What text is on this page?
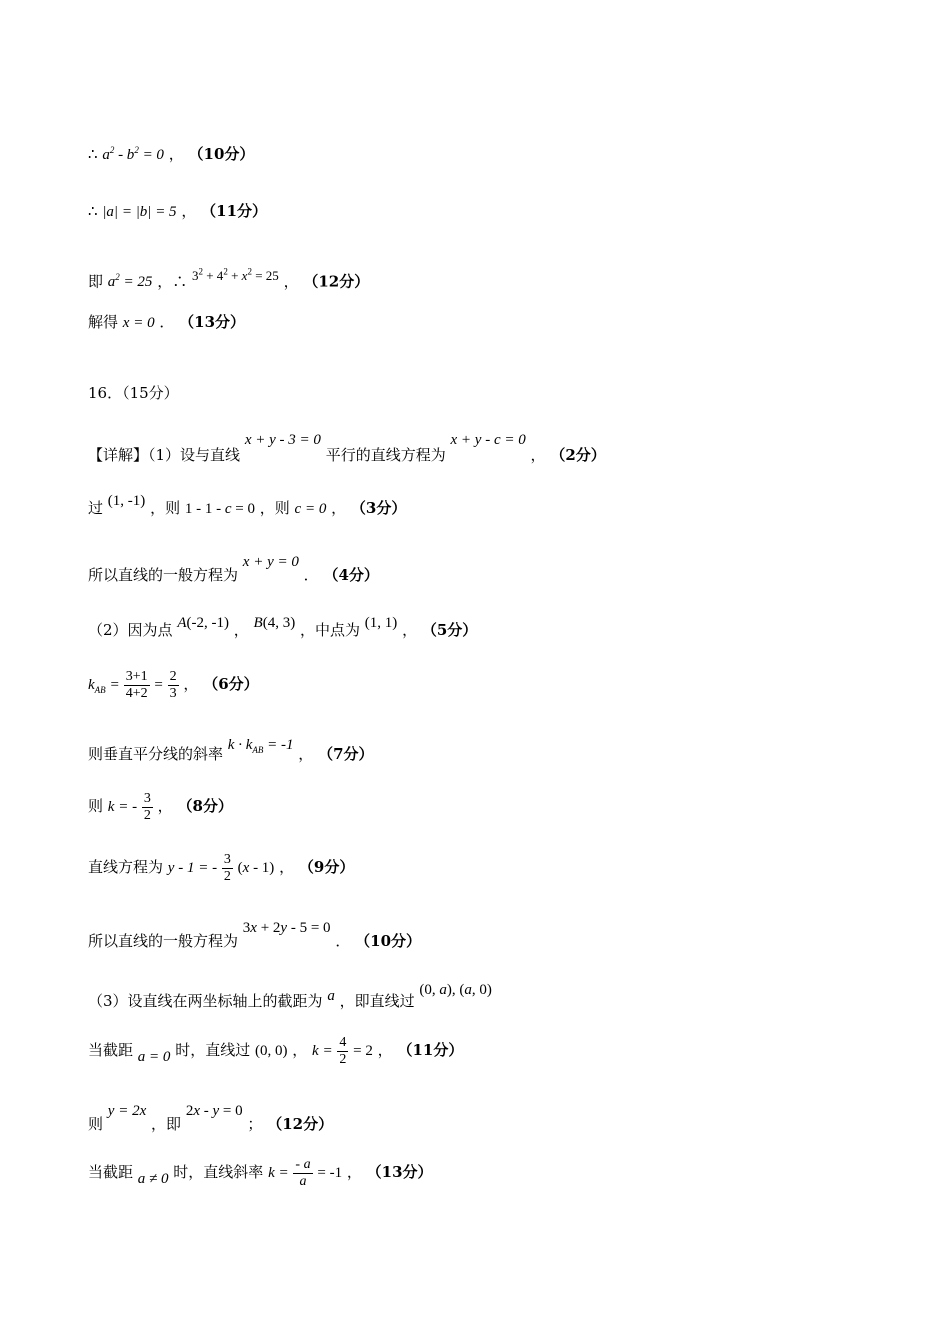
∴ $a^2 - b^2 = 0$ ， （10分）
∴ |a| = |b| = 5 ， （11分）
即 $a^2 = 25$ ，∴ $3^2 + 4^2 + x^2 = 25$ ， （12分）
解得 x = 0 ． （13分）
16．（15分）
【详解】（1）设与直线 x + y - 3 = 0 平行的直线方程为 x + y - c = 0 ， （2分）
过 (1, -1) ，则 1 - 1 - c = 0 ，则 c = 0 ， （3分）
所以直线的一般方程为 x + y = 0 ． （4分）
（2）因为点 A(-2, -1) ， B(4, 3) ，中点为 (1, 1) ， （5分）
$k_{AB} = \frac{3+1}{4+2} = \frac{2}{3}$ ， （6分）
则垂直平分线的斜率 $k \cdot k_{AB} = -1$ ， （7分）
则 k = - $\frac{3}{2}$ ， （8分）
直线方程为 y - 1 = - $\frac{3}{2} (x - 1)$ ， （9分）
所以直线的一般方程为 3x + 2y - 5 = 0 ． （10分）
（3）设直线在两坐标轴上的截距为 a ，即直线过 (0, a), (a, 0)
当截距 a = 0 时，直线过 (0, 0) ， $k = \frac{4}{2} = 2$ ， （11分）
则 y = 2x ，即 2x - y = 0 ； （12分）
当截距 a ≠ 0 时，直线斜率 $k = \frac{- a}{a} = -1$ ， （13分）
